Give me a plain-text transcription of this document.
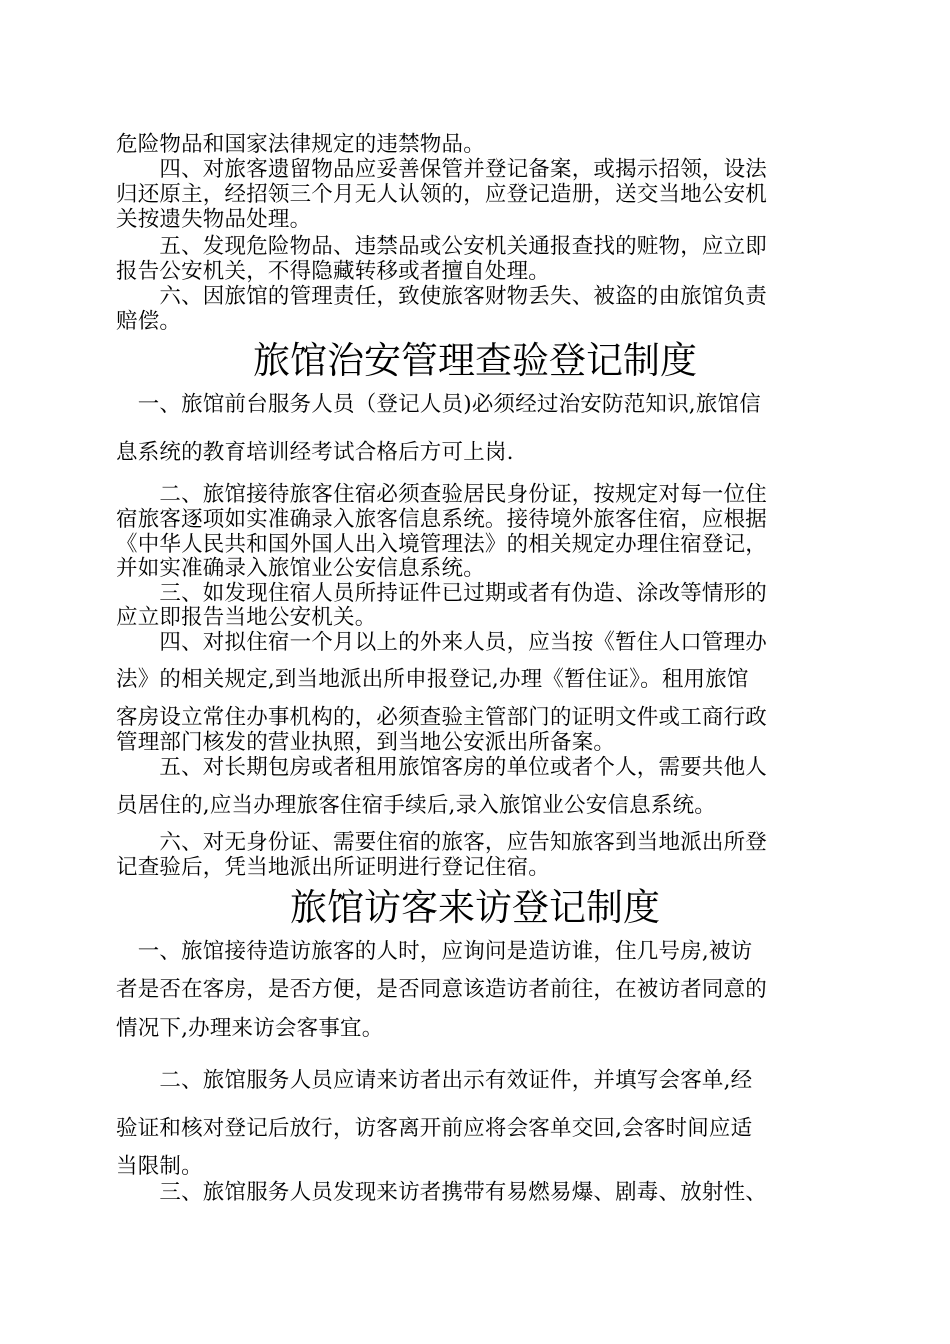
危险物品和国家法律规定的违禁物品。
　　四、对旅客遗留物品应妥善保管并登记备案，或揭示招领，设法
归还原主，经招领三个月无人认领的，应登记造册，送交当地公安机
关按遗失物品处理。
　　五、发现危险物品、违禁品或公安机关通报查找的赃物，应立即
报告公安机关，不得隐藏转移或者擅自处理。
　　六、因旅馆的管理责任，致使旅客财物丢失、被盗的由旅馆负责
赔偿。
旅馆治安管理查验登记制度
　一、旅馆前台服务人员（登记人员)必须经过治安防范知识,旅馆信
息系统的教育培训经考试合格后方可上岗.
　　二、旅馆接待旅客住宿必须查验居民身份证，按规定对每一位住
宿旅客逐项如实准确录入旅客信息系统。接待境外旅客住宿，应根据
《中华人民共和国外国人出入境管理法》的相关规定办理住宿登记，
并如实准确录入旅馆业公安信息系统。
　　三、如发现住宿人员所持证件已过期或者有伪造、涂改等情形的
应立即报告当地公安机关。
　　四、对拟住宿一个月以上的外来人员，应当按《暂住人口管理办
法》的相关规定,到当地派出所申报登记,办理《暂住证》。租用旅馆
客房设立常住办事机构的，必须查验主管部门的证明文件或工商行政
管理部门核发的营业执照，到当地公安派出所备案。
　　五、对长期包房或者租用旅馆客房的单位或者个人，需要共他人
员居住的,应当办理旅客住宿手续后,录入旅馆业公安信息系统。
　　六、对无身份证、需要住宿的旅客，应告知旅客到当地派出所登
记查验后，凭当地派出所证明进行登记住宿。
旅馆访客来访登记制度
　一、旅馆接待造访旅客的人时，应询问是造访谁，住几号房,被访
者是否在客房，是否方便，是否同意该造访者前往，在被访者同意的
情况下,办理来访会客事宜。
　　二、旅馆服务人员应请来访者出示有效证件，并填写会客单,经
验证和核对登记后放行，访客离开前应将会客单交回,会客时间应适
当限制。
　　三、旅馆服务人员发现来访者携带有易燃易爆、剧毒、放射性、
